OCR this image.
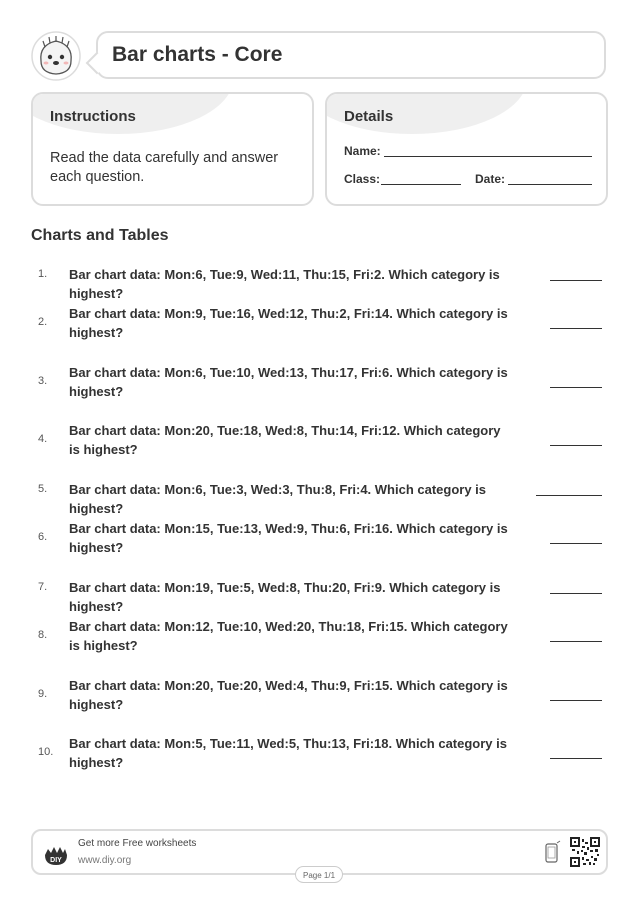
Bar charts - Core
Instructions
Read the data carefully and answer each question.
Details
Name:
Class:	Date:
Charts and Tables
1. Bar chart data: Mon:6, Tue:9, Wed:11, Thu:15, Fri:2. Which category is highest?
2.
Bar chart data: Mon:9, Tue:16, Wed:12, Thu:2, Fri:14. Which category is highest?
3.
Bar chart data: Mon:6, Tue:10, Wed:13, Thu:17, Fri:6. Which category is highest?
4.
Bar chart data: Mon:20, Tue:18, Wed:8, Thu:14, Fri:12. Which category is highest?
5. Bar chart data: Mon:6, Tue:3, Wed:3, Thu:8, Fri:4. Which category is highest?
6.
Bar chart data: Mon:15, Tue:13, Wed:9, Thu:6, Fri:16. Which category is highest?
7. Bar chart data: Mon:19, Tue:5, Wed:8, Thu:20, Fri:9. Which category is highest?
8.
Bar chart data: Mon:12, Tue:10, Wed:20, Thu:18, Fri:15. Which category is highest?
9.
Bar chart data: Mon:20, Tue:20, Wed:4, Thu:9, Fri:15. Which category is highest?
10.
Bar chart data: Mon:5, Tue:11, Wed:5, Thu:13, Fri:18. Which category is highest?
DIY
Get more Free worksheets
www.diy.org
Page 1/1
